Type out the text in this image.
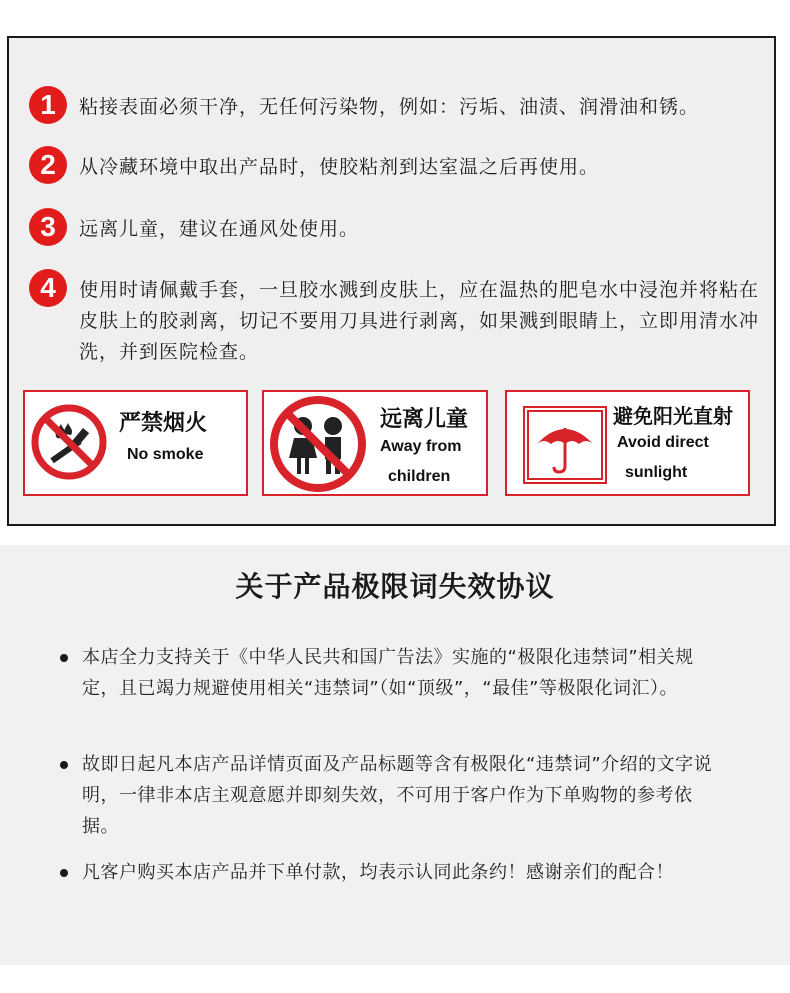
1	粘接表面必须干净，无任何污染物，例如：污垢、油渍、润滑油和锈。
2	从冷藏环境中取出产品时，使胶粘剂到达室温之后再使用。
3	远离儿童，建议在通风处使用。
4	使用时请佩戴手套，一旦胶水溅到皮肤上，应在温热的肥皂水中浸泡并将粘在皮肤上的胶剥离，切记不要用刀具进行剥离，如果溅到眼睛上，立即用清水冲洗，并到医院检查。
严禁烟火
No smoke
远离儿童
Away from
children
避免阳光直射
Avoid direct
sunlight
关于产品极限词失效协议
本店全力支持关于《中华人民共和国广告法》实施的“极限化违禁词”相关规定，且已竭力规避使用相关“违禁词”（如“顶级”，“最佳”等极限化词汇）。
故即日起凡本店产品详情页面及产品标题等含有极限化“违禁词”介绍的文字说明，一律非本店主观意愿并即刻失效，不可用于客户作为下单购物的参考依据。
凡客户购买本店产品并下单付款，均表示认同此条约！感谢亲们的配合！
